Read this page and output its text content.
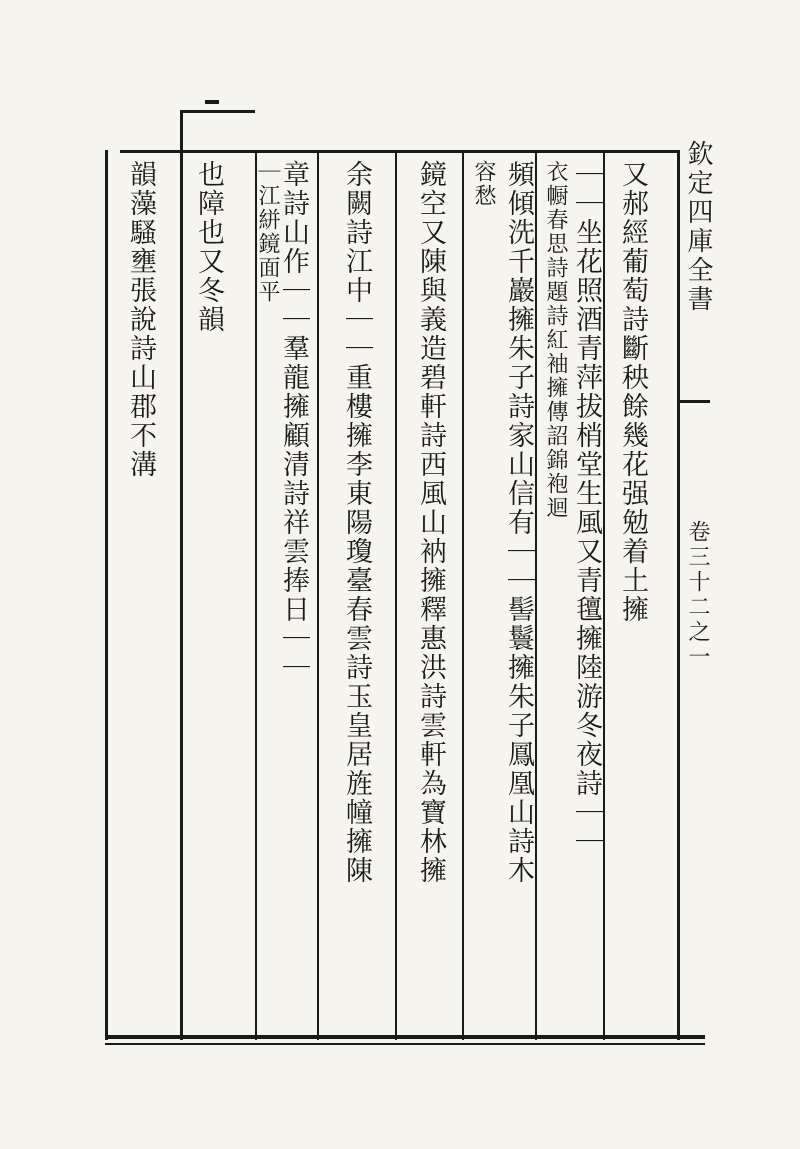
欽定四庫全書
卷三十二之一
又郝經葡萄詩斷秧餘幾花强勉着土擁
｜｜坐花照酒青萍拔梢堂生風又青氊擁陸游冬夜詩｜｜
衣㡡春思詩題詩紅袖擁傳詔錦袍迴
頻傾洗千巖擁朱子詩家山信有｜｜髻鬟擁朱子鳳凰山詩木
容愁
鏡空又陳與義造碧軒詩西風山衲擁釋惠洪詩雲軒為寶林擁
余闕詩江中｜｜重樓擁李東陽瓊臺春雲詩玉皇居旌幢擁陳
章詩山作｜｜羣龍擁顧清詩祥雲捧日｜｜
｜江絣鏡面平
也障也又冬韻
韻藻騷壅張說詩山郡不溝
